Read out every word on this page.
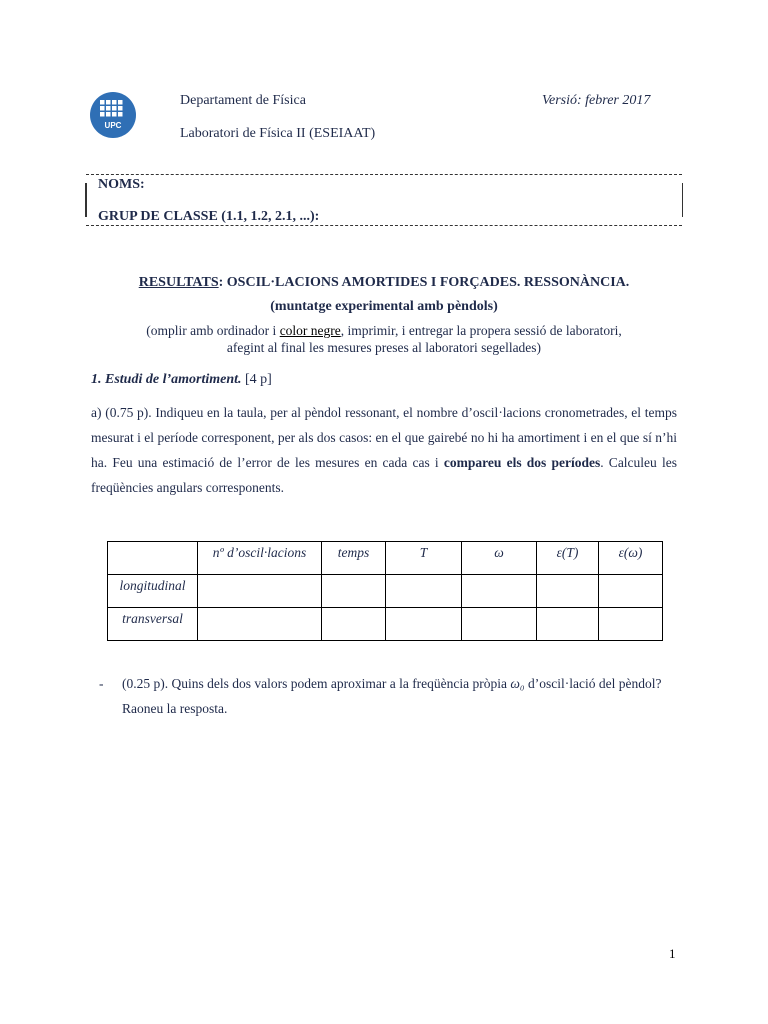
UPC
Departament de Física
Laboratori de Física II (ESEIAAT)
Versió: febrer 2017
NOMS:
GRUP DE CLASSE (1.1, 1.2, 2.1, ...):
RESULTATS: OSCIL·LACIONS AMORTIDES I FORÇADES. RESSONÀNCIA.
(muntatge experimental amb pèndols)
(omplir amb ordinador i color negre, imprimir, i entregar la propera sessió de laboratori,
afegint al final les mesures preses al laboratori segellades)
1. Estudi de l’amortiment. [4 p]
a) (0.75 p). Indiqueu en la taula, per al pèndol ressonant, el nombre d’oscil·lacions cronometrades, el temps mesurat i el període corresponent, per als dos casos: en el que gairebé no hi ha amortiment i en el que sí n’hi ha. Feu una estimació de l’error de les mesures en cada cas i compareu els dos períodes. Calculeu les freqüències angulars corresponents.

	nº d’oscil·lacions	temps	T	ω	ε(T)	ε(ω)

longitudinal						

transversal						

- (0.25 p). Quins dels dos valors podem aproximar a la freqüència pròpia ω₀ d’oscil·lació del pèndol? Raoneu la resposta.
1
